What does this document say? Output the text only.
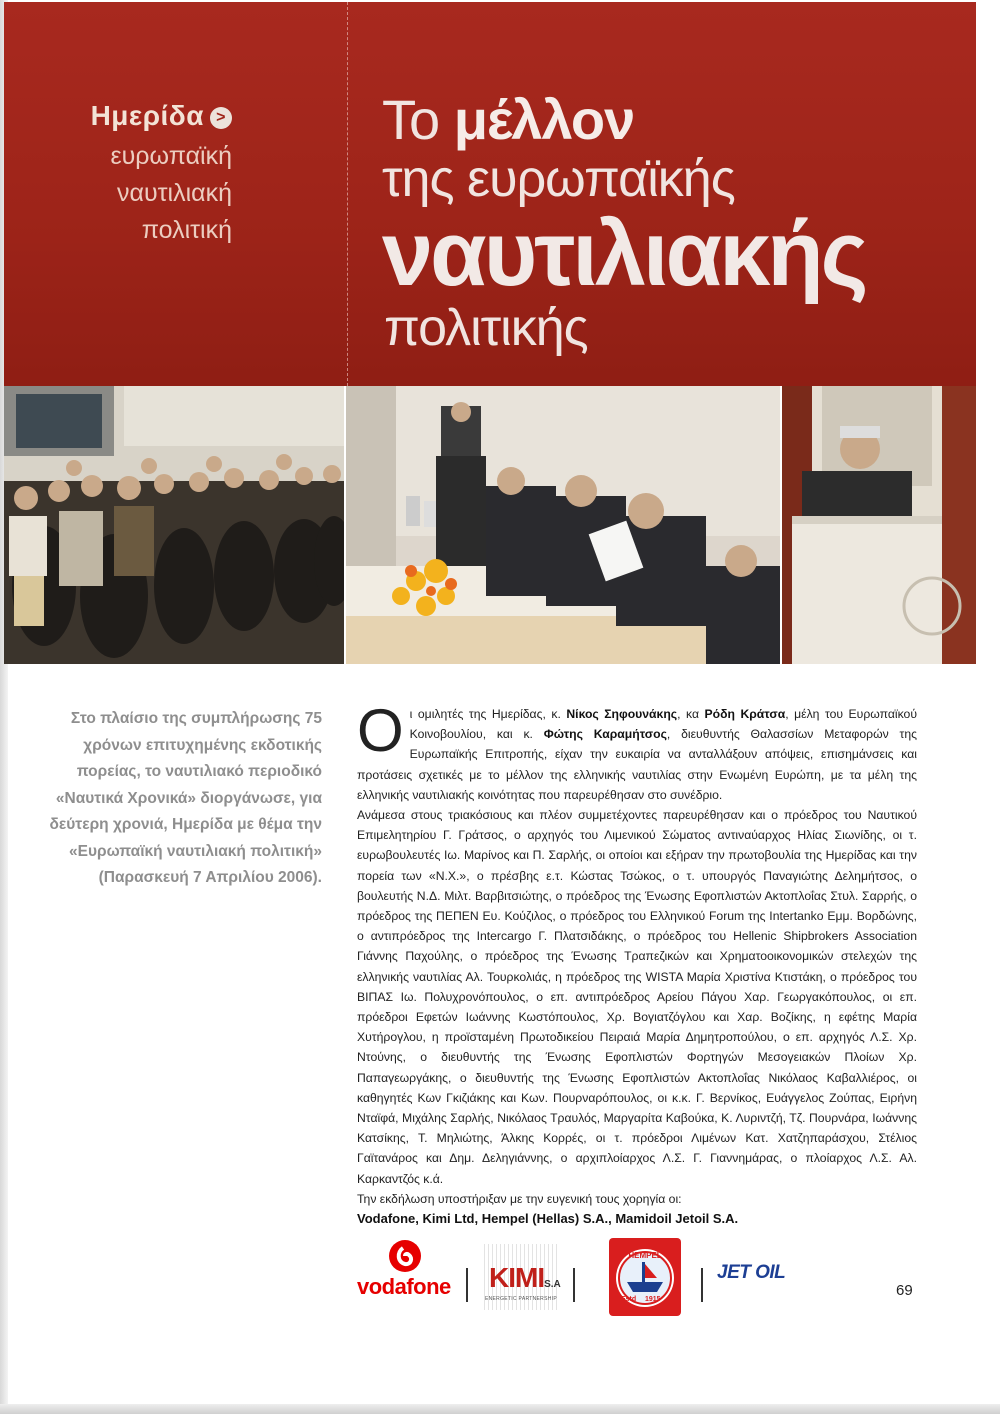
Ημερίδα >
ευρωπαϊκή
ναυτιλιακή
πολιτική
Το μέλλον
της ευρωπαϊκής
ναυτιλιακής
πολιτικής
Στο πλαίσιο της συμπλήρωσης 75 χρόνων επιτυχημένης εκδοτικής πορείας, το ναυτιλιακό περιοδικό «Ναυτικά Χρονικά» διοργάνωσε, για δεύτερη χρονιά, Ημερίδα με θέμα την «Ευρωπαϊκή ναυτιλιακή πολιτική» (Παρασκευή 7 Απριλίου 2006).

Οι ομιλητές της Ημερίδας, κ. Νίκος Σηφουνάκης, κα Ρόδη Κράτσα, μέλη του Ευρωπαϊκού Κοινοβουλίου, και κ. Φώτης Καραμήτσος, διευθυντής Θαλασσίων Μεταφορών της Ευρωπαϊκής Επιτροπής, είχαν την ευκαιρία να ανταλλάξουν απόψεις, επισημάνσεις και προτάσεις σχετικές με το μέλλον της ελληνικής ναυτιλίας στην Ενωμένη Ευρώπη, με τα μέλη της ελληνικής ναυτιλιακής κοινότητας που παρευρέθησαν στο συνέδριο.

Ανάμεσα στους τριακόσιους και πλέον συμμετέχοντες παρευρέθησαν και ο πρόεδρος του Ναυτικού Επιμελητηρίου Γ. Γράτσος, ο αρχηγός του Λιμενικού Σώματος αντιναύαρχος Ηλίας Σιωνίδης, οι τ. ευρωβουλευτές Ιω. Μαρίνος και Π. Σαρλής, οι οποίοι και εξήραν την πρωτοβουλία της Ημερίδας και την πορεία των «Ν.Χ.», ο πρέσβης ε.τ. Κώστας Τσώκος, ο τ. υπουργός Παναγιώτης Δελημήτσος, ο βουλευτής Ν.Δ. Μιλτ. Βαρβιτσιώτης, ο πρόεδρος της Ένωσης Εφοπλιστών Ακτοπλοΐας Στυλ. Σαρρής, ο πρόεδρος της ΠΕΠΕΝ Ευ. Κούζιλος, ο πρόεδρος του Ελληνικού Forum της Intertanko Εμμ. Βορδώνης, ο αντιπρόεδρος της Intercargo Γ. Πλατσιδάκης, ο πρόεδρος του Hellenic Shipbrokers Association Γιάννης Παχούλης, ο πρόεδρος της Ένωσης Τραπεζικών και Χρηματοοικονομικών στελεχών της ελληνικής ναυτιλίας Αλ. Τουρκολιάς, η πρόεδρος της WISTA Μαρία Χριστίνα Κτιστάκη, ο πρόεδρος του ΒΙΠΑΣ Ιω. Πολυχρονόπουλος, ο επ. αντιπρόεδρος Αρείου Πάγου Χαρ. Γεωργακόπουλος, οι επ. πρόεδροι Εφετών Ιωάννης Κωστόπουλος, Χρ. Βογιατζόγλου και Χαρ. Βοζίκης, η εφέτης Μαρία Χυτήρογλου, η προϊσταμένη Πρωτοδικείου Πειραιά Μαρία Δημητροπούλου, ο επ. αρχηγός Λ.Σ. Χρ. Ντούνης, ο διευθυντής της Ένωσης Εφοπλιστών Φορτηγών Μεσογειακών Πλοίων Χρ. Παπαγεωργάκης, ο διευθυντής της Ένωσης Εφοπλιστών Ακτοπλοΐας Νικόλαος Καβαλλιέρος, οι καθηγητές Κων Γκιζιάκης και Κων. Πουρναρόπουλος, οι κ.κ. Γ. Βερνίκος, Ευάγγελος Ζούπας, Ειρήνη Νταϊφά, Μιχάλης Σαρλής, Νικόλαος Τραυλός, Μαργαρίτα Καβούκα, Κ. Λυριντζή, Τζ. Πουρνάρα, Ιωάννης Κατσίκης, Τ. Μηλιώτης, Άλκης Κορρές, οι τ. πρόεδροι Λιμένων Κατ. Χατζηπαράσχου, Στέλιος Γαϊτανάρος και Δημ. Δεληγιάννης, ο αρχιπλοίαρχος Λ.Σ. Γ. Γιαννημάρας, ο πλοίαρχος Λ.Σ. Αλ. Καρκαντζός κ.ά.

Την εκδήλωση υποστήριξαν με την ευγενική τους χορηγία οι:

Vodafone, Kimi Ltd, Hempel (Hellas) S.A., Mamidoil Jetoil S.A.

vodafone KIMIS.A
ENERGETIC PARTNERSHIP
HEMPEL
Estd 1915
JET OIL
69
